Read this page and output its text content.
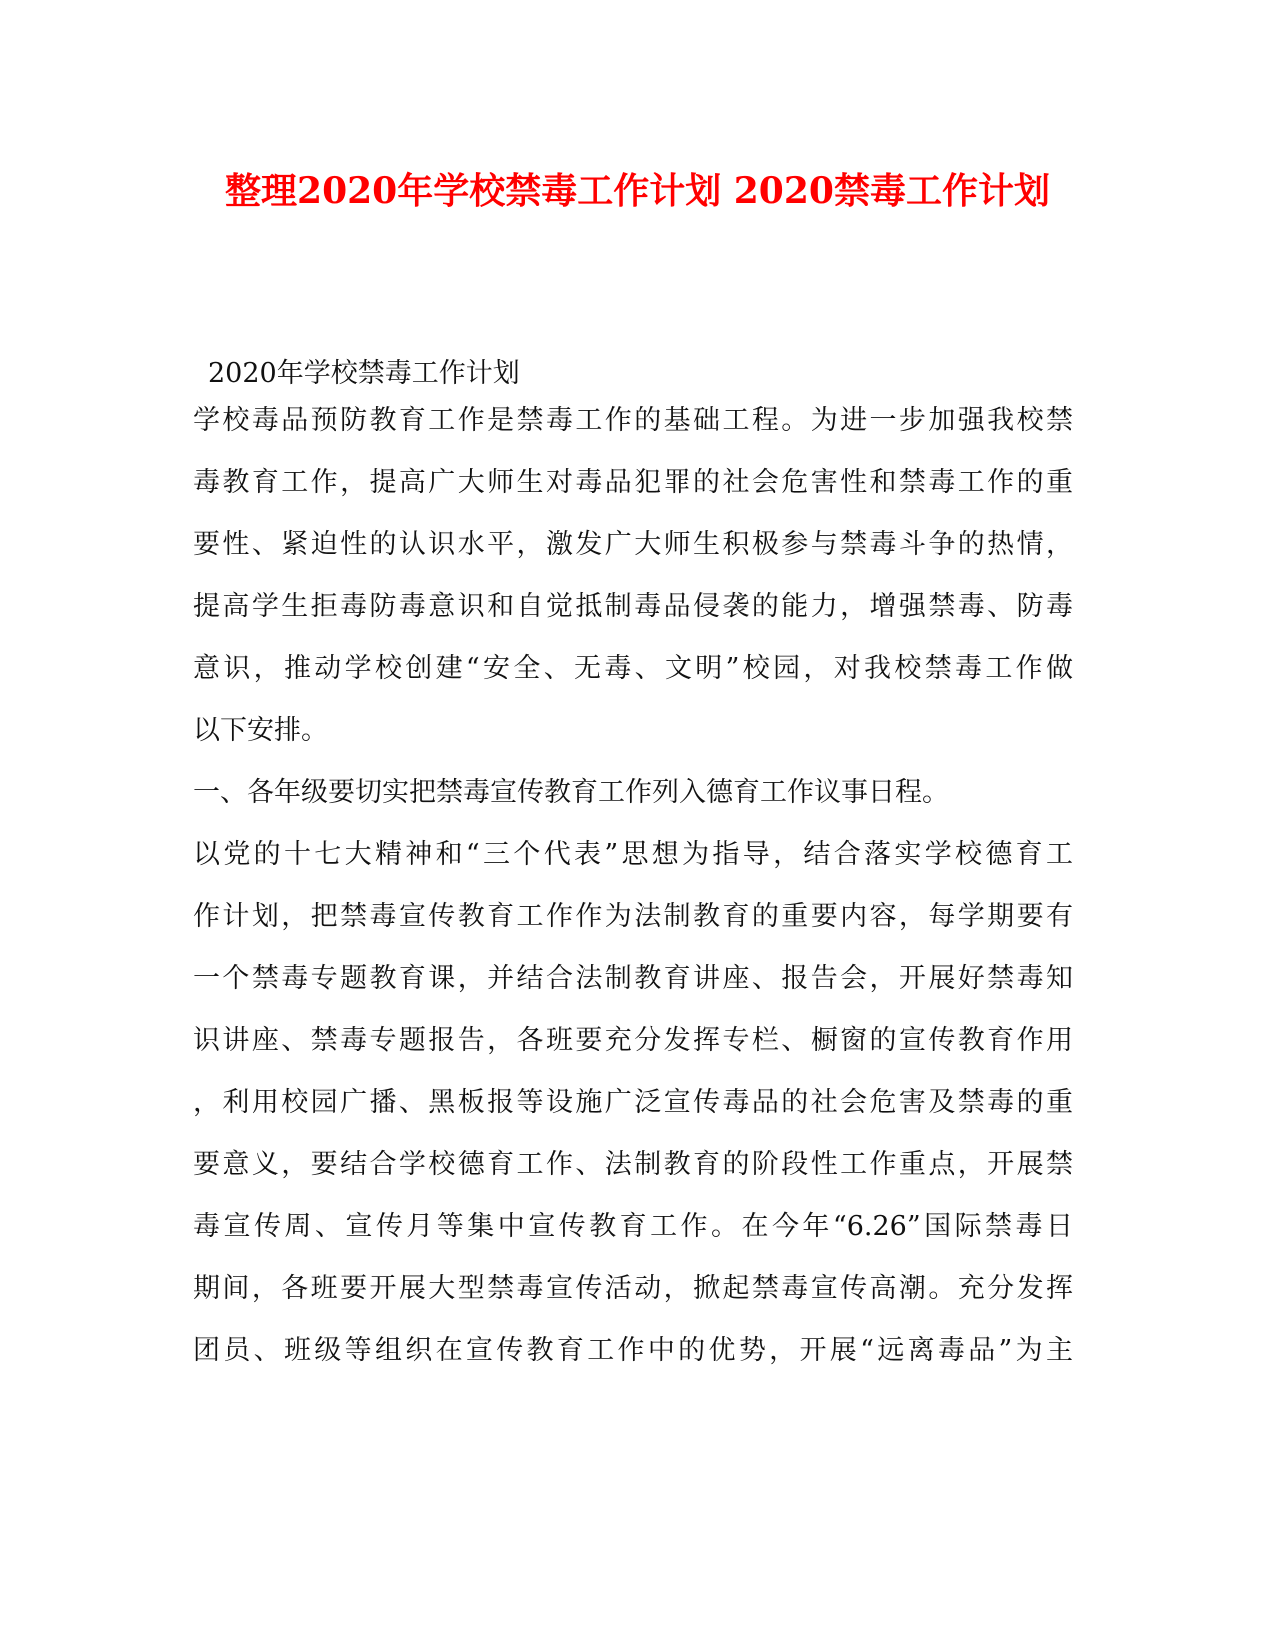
整理2020年学校禁毒工作计划 2020禁毒工作计划
2020年学校禁毒工作计划
学校毒品预防教育工作是禁毒工作的基础工程。为进一步加强我校禁
毒教育工作，提高广大师生对毒品犯罪的社会危害性和禁毒工作的重
要性、紧迫性的认识水平，激发广大师生积极参与禁毒斗争的热情，
提高学生拒毒防毒意识和自觉抵制毒品侵袭的能力，增强禁毒、防毒
意识，推动学校创建“安全、无毒、文明”校园，对我校禁毒工作做
以下安排。
一、各年级要切实把禁毒宣传教育工作列入德育工作议事日程。
以党的十七大精神和“三个代表”思想为指导，结合落实学校德育工
作计划，把禁毒宣传教育工作作为法制教育的重要内容，每学期要有
一个禁毒专题教育课，并结合法制教育讲座、报告会，开展好禁毒知
识讲座、禁毒专题报告，各班要充分发挥专栏、橱窗的宣传教育作用
，利用校园广播、黑板报等设施广泛宣传毒品的社会危害及禁毒的重
要意义，要结合学校德育工作、法制教育的阶段性工作重点，开展禁
毒宣传周、宣传月等集中宣传教育工作。在今年“6.26”国际禁毒日
期间，各班要开展大型禁毒宣传活动，掀起禁毒宣传高潮。充分发挥
团员、班级等组织在宣传教育工作中的优势，开展“远离毒品”为主
